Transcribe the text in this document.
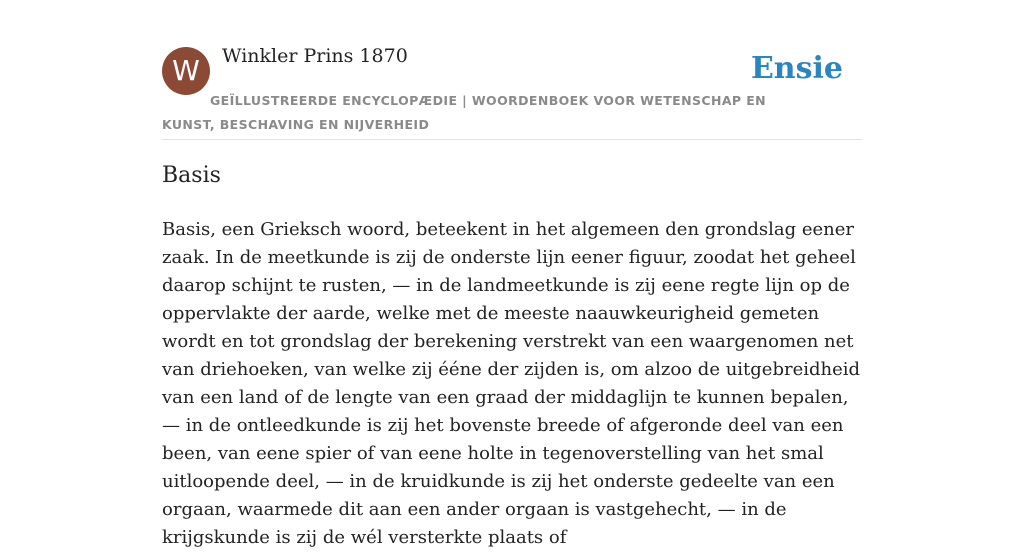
W	Winkler Prins 1870	Ensie
GEÏLLUSTREERDE ENCYCLOPÆDIE | WOORDENBOEK VOOR WETENSCHAP EN KUNST, BESCHAVING EN NIJVERHEID
Basis

Basis, een Grieksch woord, beteekent in het algemeen den grondslag eener zaak. In de meetkunde is zij de onderste lijn eener figuur, zoodat het geheel daarop schijnt te rusten, — in de landmeetkunde is zij eene regte lijn op de oppervlakte der aarde, welke met de meeste naauwkeurigheid gemeten wordt en tot grondslag der berekening verstrekt van een waargenomen net van driehoeken, van welke zij ééne der zijden is, om alzoo de uitgebreidheid van een land of de lengte van een graad der middaglijn te kunnen bepalen, — in de ontleedkunde is zij het bovenste breede of afgeronde deel van een been, van eene spier of van eene holte in tegenoverstelling van het smal uitloopende deel, — in de kruidkunde is zij het onderste gedeelte van een orgaan, waarmede dit aan een ander orgaan is vastgehecht, — in de krijgskunde is zij de wél versterkte plaats of
